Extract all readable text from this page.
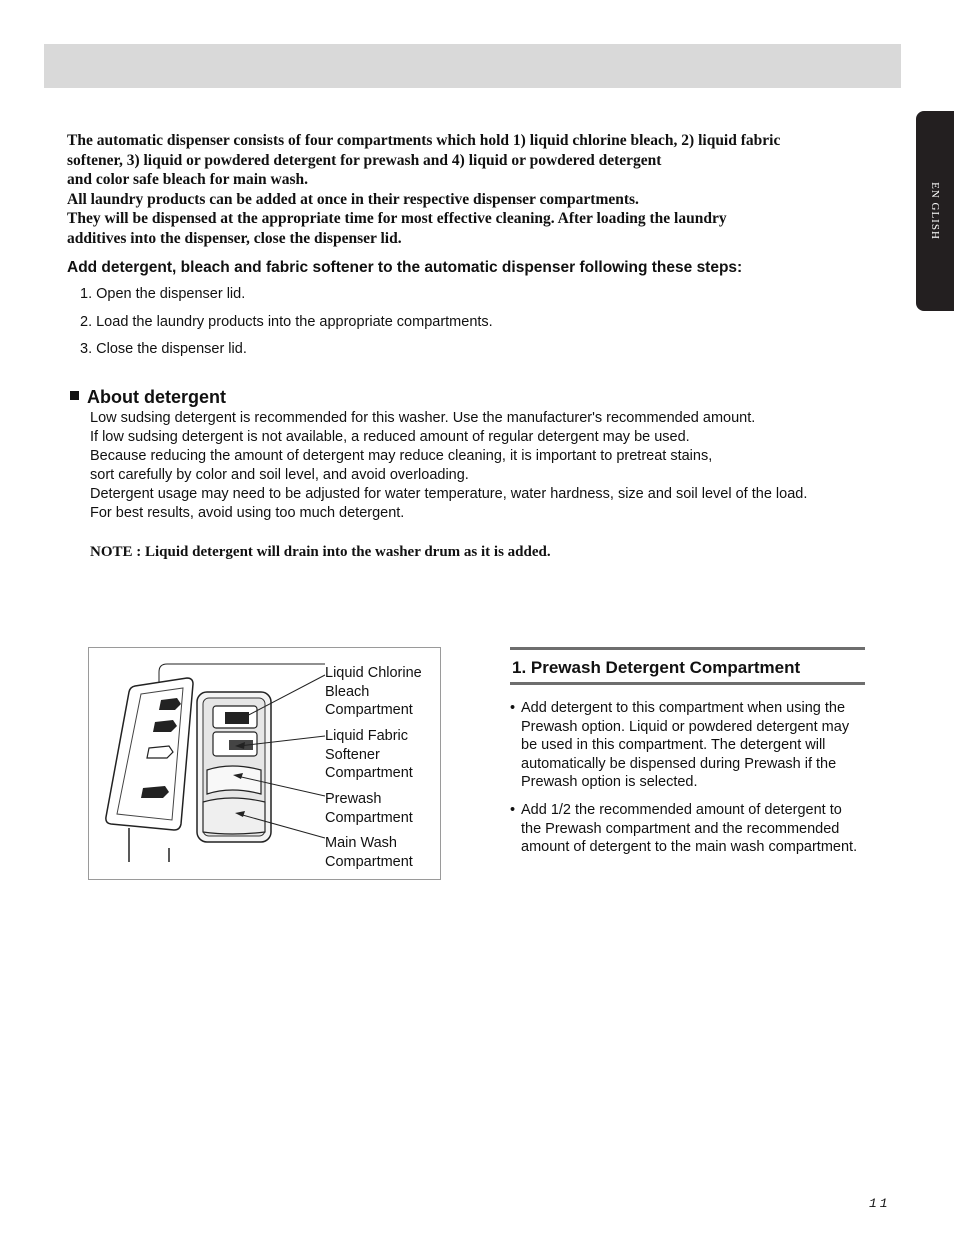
EN GLISH

The automatic dispenser consists of four compartments which hold 1) liquid chlorine bleach, 2) liquid fabric

softener, 3) liquid or powdered detergent for prewash and 4) liquid or powdered detergent

and color safe bleach for main wash.

All laundry products can be added at once in their respective dispenser compartments.

They will be dispensed at the appropriate time for most effective cleaning. After loading the laundry

additives into the dispenser, close the dispenser lid.

Add detergent, bleach and fabric softener to the automatic dispenser following these steps:
1. Open the dispenser lid.
2. Load the laundry products into the appropriate compartments.
3. Close the dispenser lid.
About detergent

Low sudsing detergent is recommended for this washer. Use the manufacturer's recommended amount.

If low sudsing detergent is not available, a reduced amount of regular detergent may be used.

Because reducing the amount of detergent may reduce cleaning, it is important to pretreat stains,

sort carefully by color and soil level, and avoid overloading.

Detergent usage may need to be adjusted for water temperature, water hardness, size and soil level of the load.

For best results, avoid using too much detergent.

NOTE : Liquid detergent will drain into the washer drum as it is added.
Liquid Chlorine
Bleach
Compartment
Liquid Fabric
Softener
Compartment
Prewash
Compartment
Main Wash
Compartment
1. Prewash Detergent Compartment
• Add detergent to this compartment when using the Prewash option. Liquid or powdered detergent may be used in this compartment. The detergent will automatically be dispensed during Prewash if the Prewash option is selected.
• Add 1/2 the recommended amount of detergent to the Prewash compartment and the recommended amount of detergent to the main wash compartment.
11
